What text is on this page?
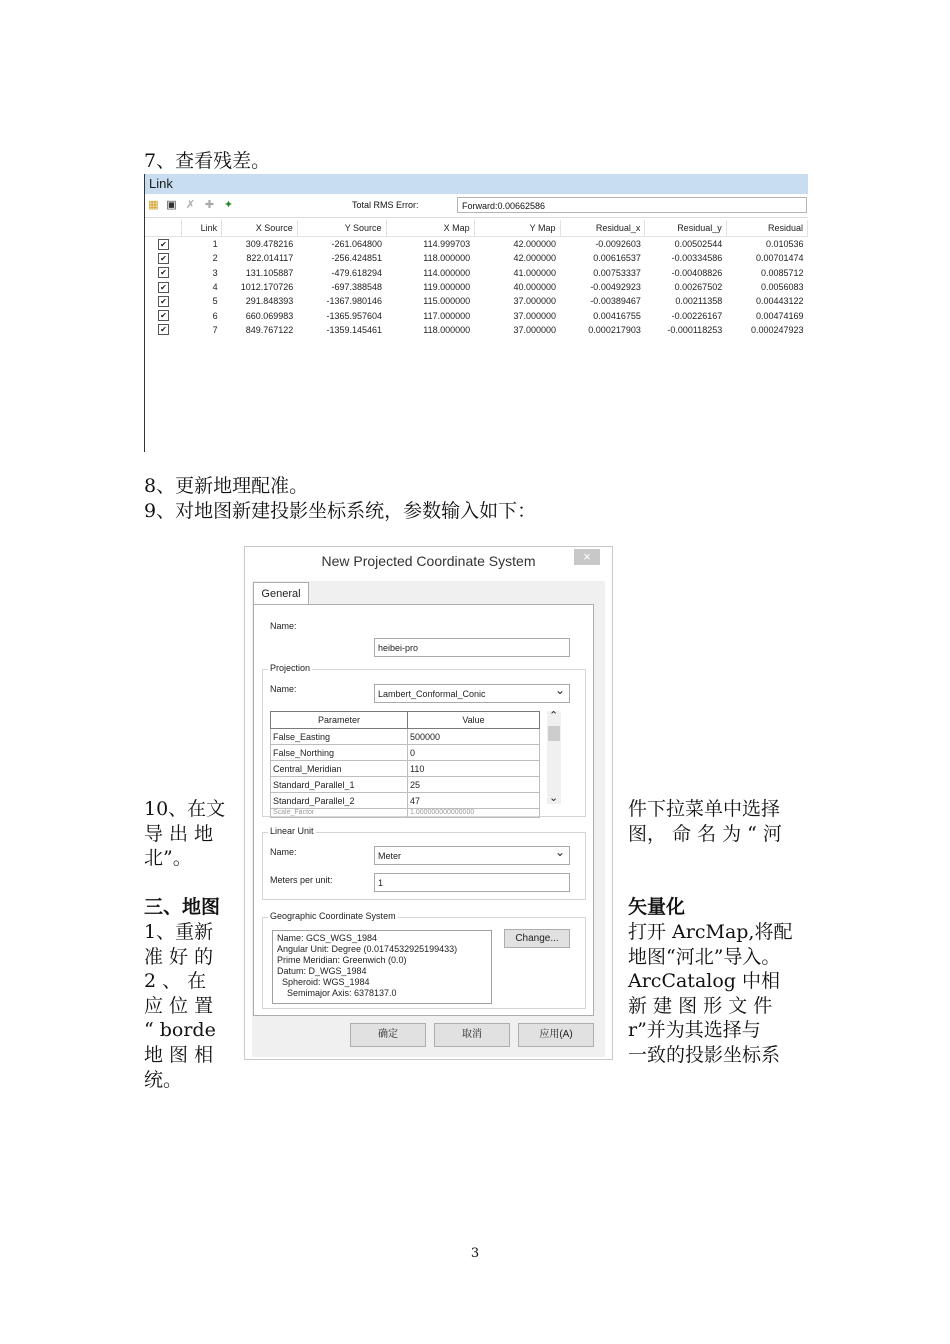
7、查看残差。
Link
▦ ▣ ✗ ✚ ✦	Total RMS Error:	Forward:0.00662586
	Link	X Source	Y Source	X Map	Y Map	Residual_x	Residual_y	Residual
✔	1	309.478216	-261.064800	114.999703	42.000000	-0.0092603	0.00502544	0.010536
✔	2	822.014117	-256.424851	118.000000	42.000000	0.00616537	-0.00334586	0.00701474
✔	3	131.105887	-479.618294	114.000000	41.000000	0.00753337	-0.00408826	0.0085712
✔	4	1012.170726	-697.388548	119.000000	40.000000	-0.00492923	0.00267502	0.0056083
✔	5	291.848393	-1367.980146	115.000000	37.000000	-0.00389467	0.00211358	0.00443122
✔	6	660.069983	-1365.957604	117.000000	37.000000	0.00416755	-0.00226167	0.00474169
✔	7	849.767122	-1359.145461	118.000000	37.000000	0.000217903	-0.000118253	0.000247923
8、更新地理配准。
9、对地图新建投影坐标系统，参数输入如下：
10、在文
导 出 地
北”。
三、地图
1、重新
准 好 的
2 、 在
应 位 置
“ borde
地 图 相
统。
件下拉菜单中选择
图， 命 名 为 “ 河
矢量化
打开 ArcMap,将配
地图“河北”导入。
ArcCatalog 中相
新 建 图 形 文 件
r”并为其选择与
一致的投影坐标系
New Projected Coordinate System	×
General
Name:
heibei-pro
Projection
Name:	Lambert_Conformal_Conic ⌄
Parameter	Value
False_Easting	500000
False_Northing	0
Central_Meridian	110
Standard_Parallel_1	25
Standard_Parallel_2	47
Scale_Factor	1.000000000000000
⌃
⌄
Linear Unit
Name:	Meter ⌄
Meters per unit:	1
Geographic Coordinate System
Name: GCS_WGS_1984
Angular Unit: Degree (0.0174532925199433)
Prime Meridian: Greenwich (0.0)
Datum: D_WGS_1984
Spheroid: WGS_1984
Semimajor Axis: 6378137.0
Change...
确定	取消	应用(A)
3
